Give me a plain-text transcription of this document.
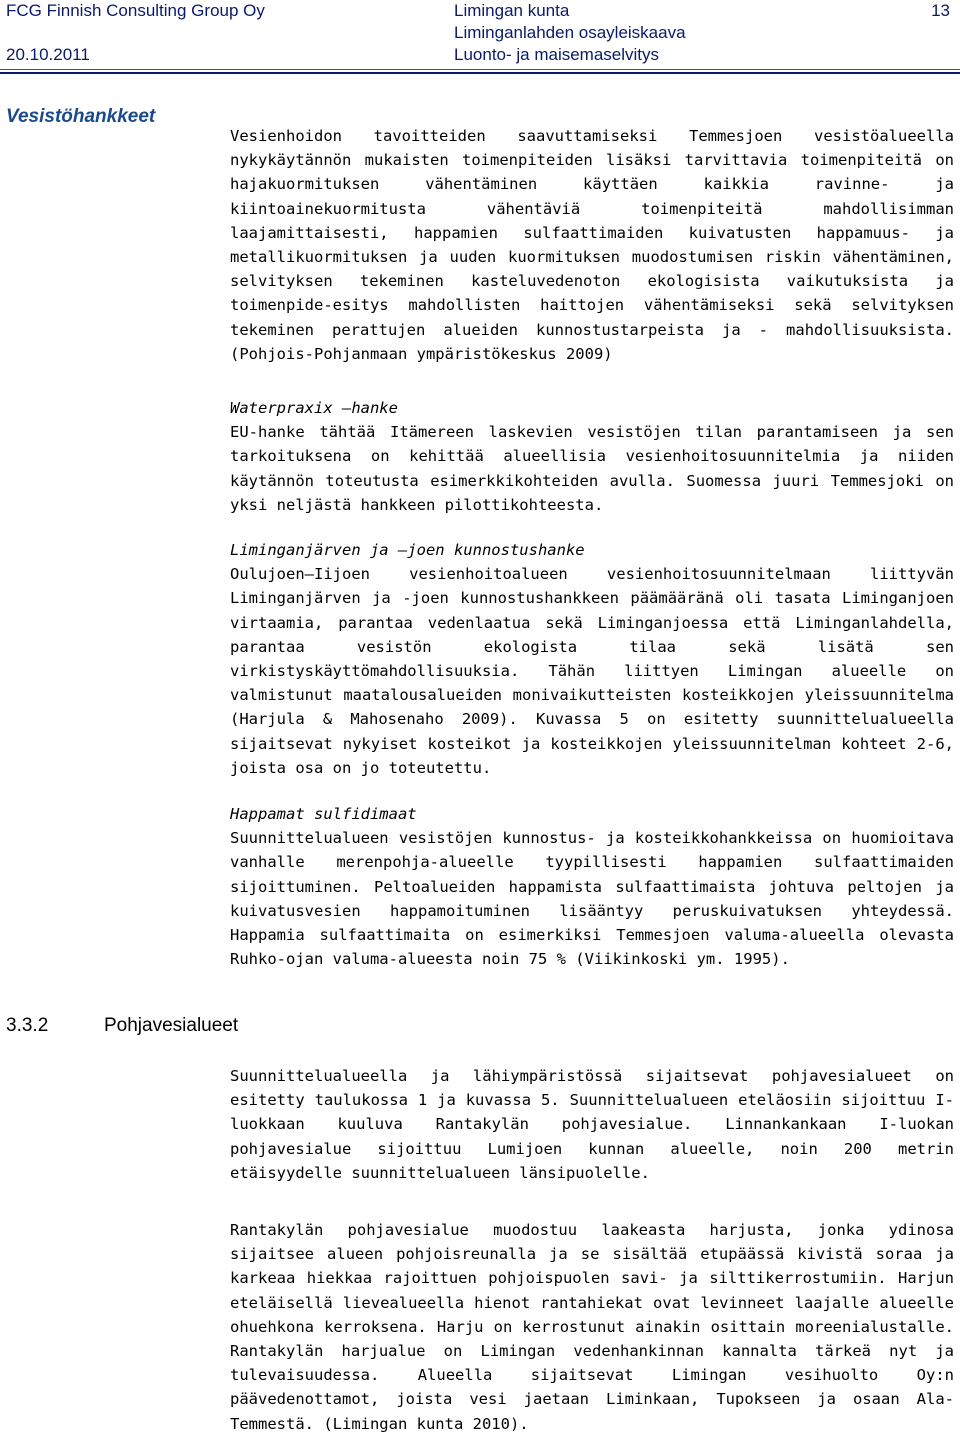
FCG Finnish Consulting Group Oy
20.10.2011
Limingan kunta
Liminganlahden osayleiskaava
Luonto- ja maisemaselvitys
13
Vesistöhankkeet
3.3.2	Pohjavesialueet

Vesienhoidon tavoitteiden saavuttamiseksi Temmesjoen vesistöalueella nykykäytännön mukaisten toimenpiteiden lisäksi tarvittavia toimenpiteitä on hajakuormituksen vähentäminen käyttäen kaikkia ravinne- ja kiintoainekuormitusta vähentäviä toimenpiteitä mahdollisimman laajamittaisesti, happamien sulfaattimaiden kuivatusten happamuus- ja metallikuormituksen ja uuden kuormituksen muodostumisen riskin vähentäminen, selvityksen tekeminen kasteluvedenoton ekologisista vaikutuksista ja toimenpide-esitys mahdollisten haittojen vähentämiseksi sekä selvityksen tekeminen perattujen alueiden kunnostustarpeista ja - mahdollisuuksista. (Pohjois-Pohjanmaan ympäristökeskus 2009)

Waterpraxix –hanke

EU-hanke tähtää Itämereen laskevien vesistöjen tilan parantamiseen ja sen tarkoituksena on kehittää alueellisia vesienhoitosuunnitelmia ja niiden käytännön toteutusta esimerkkikohteiden avulla. Suomessa juuri Temmesjoki on yksi neljästä hankkeen pilottikohteesta.

Liminganjärven ja –joen kunnostushanke

Oulujoen–Iijoen vesienhoitoalueen vesienhoitosuunnitelmaan liittyvän Liminganjärven ja -joen kunnostushankkeen päämääränä oli tasata Liminganjoen virtaamia, parantaa vedenlaatua sekä Liminganjoessa että Liminganlahdella, parantaa vesistön ekologista tilaa sekä lisätä sen virkistyskäyttömahdollisuuksia. Tähän liittyen Limingan alueelle on valmistunut maatalousalueiden monivaikutteisten kosteikkojen yleissuunnitelma (Harjula & Mahosenaho 2009). Kuvassa 5 on esitetty suunnittelualueella sijaitsevat nykyiset kosteikot ja kosteikkojen yleissuunnitelman kohteet 2-6, joista osa on jo toteutettu.

Happamat sulfidimaat

Suunnittelualueen vesistöjen kunnostus- ja kosteikkohankkeissa on huomioitava vanhalle merenpohja-alueelle tyypillisesti happamien sulfaattimaiden sijoittuminen. Peltoalueiden happamista sulfaattimaista johtuva peltojen ja kuivatusvesien happamoituminen lisääntyy peruskuivatuksen yhteydessä. Happamia sulfaattimaita on esimerkiksi Temmesjoen valuma-alueella olevasta Ruhko-ojan valuma-alueesta noin 75 % (Viikinkoski ym. 1995).

Suunnittelualueella ja lähiympäristössä sijaitsevat pohjavesialueet on esitetty taulukossa 1 ja kuvassa 5. Suunnittelualueen eteläosiin sijoittuu I-luokkaan kuuluva Rantakylän pohjavesialue. Linnankankaan I-luokan pohjavesialue sijoittuu Lumijoen kunnan alueelle, noin 200 metrin etäisyydelle suunnittelualueen länsipuolelle.

Rantakylän pohjavesialue muodostuu laakeasta harjusta, jonka ydinosa sijaitsee alueen pohjoisreunalla ja se sisältää etupäässä kivistä soraa ja karkeaa hiekkaa rajoittuen pohjoispuolen savi- ja silttikerrostumiin. Harjun eteläisellä lievealueella hienot rantahiekat ovat levinneet laajalle alueelle ohuehkona kerroksena. Harju on kerrostunut ainakin osittain moreenialustalle. Rantakylän harjualue on Limingan vedenhankinnan kannalta tärkeä nyt ja tulevaisuudessa. Alueella sijaitsevat Limingan vesihuolto Oy:n päävedenottamot, joista vesi jaetaan Liminkaan, Tupokseen ja osaan Ala-Temmestä. (Limingan kunta 2010).
